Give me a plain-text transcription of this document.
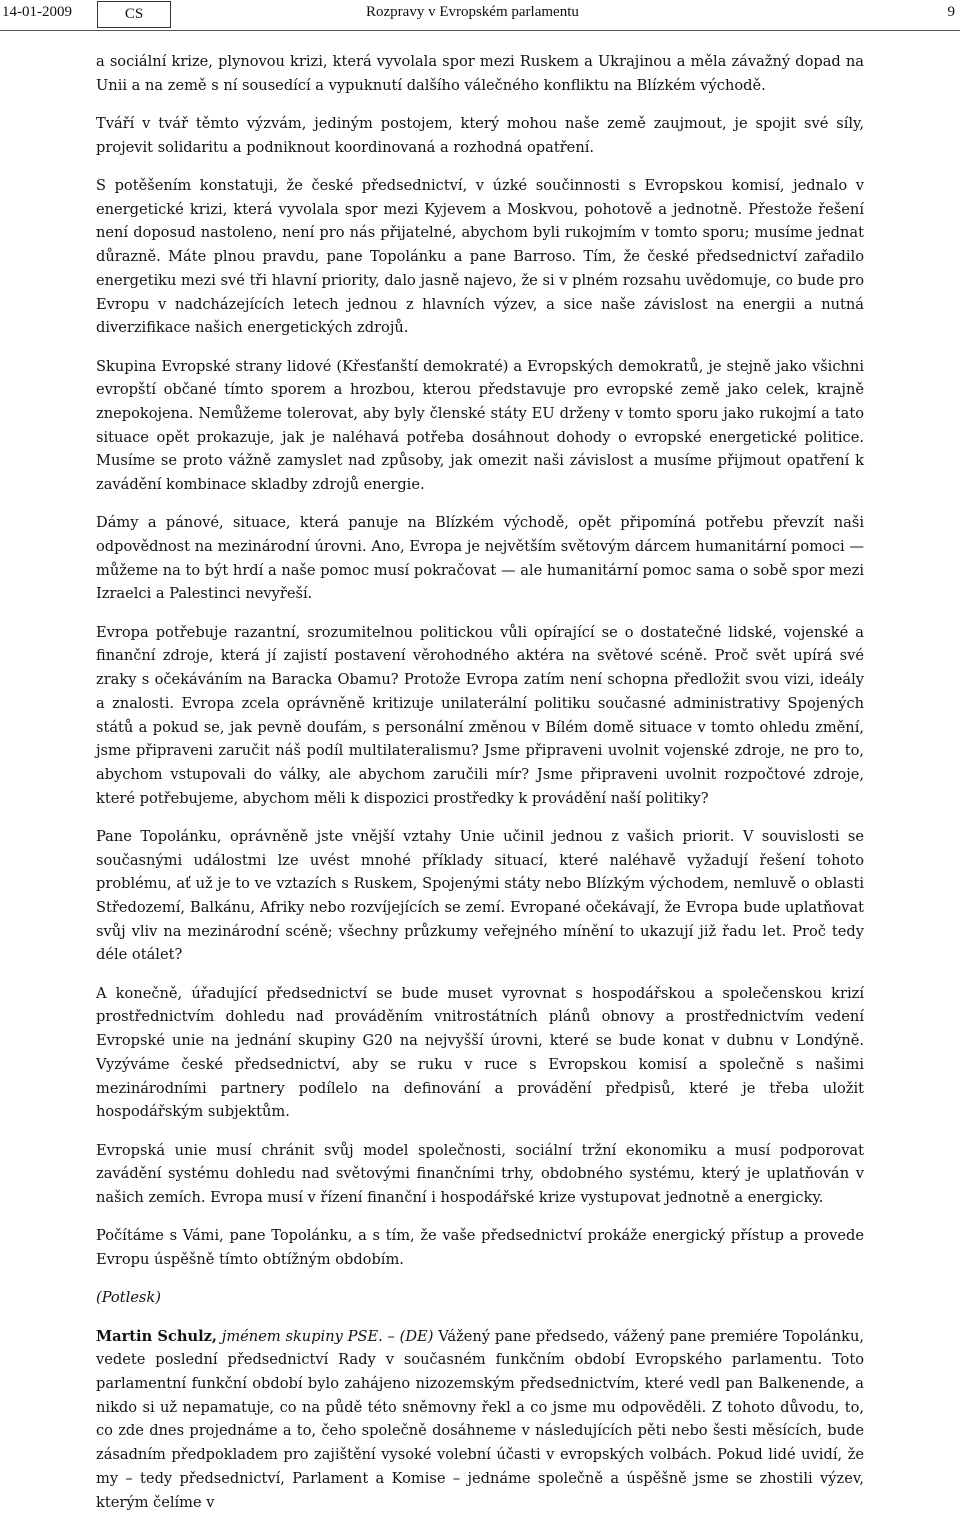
14-01-2009	CS	Rozpravy v Evropském parlamentu	9

a sociální krize, plynovou krizi, která vyvolala spor mezi Ruskem a Ukrajinou a měla závažný dopad na Unii a na země s ní sousedící a vypuknutí dalšího válečného konfliktu na Blízkém východě.

Tváří v tvář těmto výzvám, jediným postojem, který mohou naše země zaujmout, je spojit své síly, projevit solidaritu a podniknout koordinovaná a rozhodná opatření.

S potěšením konstatuji, že české předsednictví, v úzké součinnosti s Evropskou komisí, jednalo v energetické krizi, která vyvolala spor mezi Kyjevem a Moskvou, pohotově a jednotně. Přestože řešení není doposud nastoleno, není pro nás přijatelné, abychom byli rukojmím v tomto sporu; musíme jednat důrazně. Máte plnou pravdu, pane Topolánku a pane Barroso. Tím, že české předsednictví zařadilo energetiku mezi své tři hlavní priority, dalo jasně najevo, že si v plném rozsahu uvědomuje, co bude pro Evropu v nadcházejících letech jednou z hlavních výzev, a sice naše závislost na energii a nutná diverzifikace našich energetických zdrojů.

Skupina Evropské strany lidové (Křesťanští demokraté) a Evropských demokratů, je stejně jako všichni evropští občané tímto sporem a hrozbou, kterou představuje pro evropské země jako celek, krajně znepokojena. Nemůžeme tolerovat, aby byly členské státy EU drženy v tomto sporu jako rukojmí a tato situace opět prokazuje, jak je naléhavá potřeba dosáhnout dohody o evropské energetické politice. Musíme se proto vážně zamyslet nad způsoby, jak omezit naši závislost a musíme přijmout opatření k zavádění kombinace skladby zdrojů energie.

Dámy a pánové, situace, která panuje na Blízkém východě, opět připomíná potřebu převzít naši odpovědnost na mezinárodní úrovni. Ano, Evropa je největším světovým dárcem humanitární pomoci — můžeme na to být hrdí a naše pomoc musí pokračovat — ale humanitární pomoc sama o sobě spor mezi Izraelci a Palestinci nevyřeší.

Evropa potřebuje razantní, srozumitelnou politickou vůli opírající se o dostatečné lidské, vojenské a finanční zdroje, která jí zajistí postavení věrohodného aktéra na světové scéně. Proč svět upírá své zraky s očekáváním na Baracka Obamu? Protože Evropa zatím není schopna předložit svou vizi, ideály a znalosti. Evropa zcela oprávněně kritizuje unilaterální politiku současné administrativy Spojených států a pokud se, jak pevně doufám, s personální změnou v Bílém domě situace v tomto ohledu změní, jsme připraveni zaručit náš podíl multilateralismu? Jsme připraveni uvolnit vojenské zdroje, ne pro to, abychom vstupovali do války, ale abychom zaručili mír? Jsme připraveni uvolnit rozpočtové zdroje, které potřebujeme, abychom měli k dispozici prostředky k provádění naší politiky?

Pane Topolánku, oprávněně jste vnější vztahy Unie učinil jednou z vašich priorit. V souvislosti se současnými událostmi lze uvést mnohé příklady situací, které naléhavě vyžadují řešení tohoto problému, ať už je to ve vztazích s Ruskem, Spojenými státy nebo Blízkým východem, nemluvě o oblasti Středozemí, Balkánu, Afriky nebo rozvíjejících se zemí. Evropané očekávají, že Evropa bude uplatňovat svůj vliv na mezinárodní scéně; všechny průzkumy veřejného mínění to ukazují již řadu let. Proč tedy déle otálet?

A konečně, úřadující předsednictví se bude muset vyrovnat s hospodářskou a společenskou krizí prostřednictvím dohledu nad prováděním vnitrostátních plánů obnovy a prostřednictvím vedení Evropské unie na jednání skupiny G20 na nejvyšší úrovni, které se bude konat v dubnu v Londýně. Vyzýváme české předsednictví, aby se ruku v ruce s Evropskou komisí a společně s našimi mezinárodními partnery podílelo na definování a provádění předpisů, které je třeba uložit hospodářským subjektům.

Evropská unie musí chránit svůj model společnosti, sociální tržní ekonomiku a musí podporovat zavádění systému dohledu nad světovými finančními trhy, obdobného systému, který je uplatňován v našich zemích. Evropa musí v řízení finanční i hospodářské krize vystupovat jednotně a energicky.

Počítáme s Vámi, pane Topolánku, a s tím, že vaše předsednictví prokáže energický přístup a provede Evropu úspěšně tímto obtížným obdobím.

(Potlesk)

Martin Schulz, jménem skupiny PSE. – (DE) Vážený pane předsedo, vážený pane premiére Topolánku, vedete poslední předsednictví Rady v současném funkčním období Evropského parlamentu. Toto parlamentní funkční období bylo zahájeno nizozemským předsednictvím, které vedl pan Balkenende, a nikdo si už nepamatuje, co na půdě této sněmovny řekl a co jsme mu odpověděli. Z tohoto důvodu, to, co zde dnes projednáme a to, čeho společně dosáhneme v následujících pěti nebo šesti měsících, bude zásadním předpokladem pro zajištění vysoké volební účasti v evropských volbách. Pokud lidé uvidí, že my – tedy předsednictví, Parlament a Komise – jednáme společně a úspěšně jsme se zhostili výzev, kterým čelíme v
